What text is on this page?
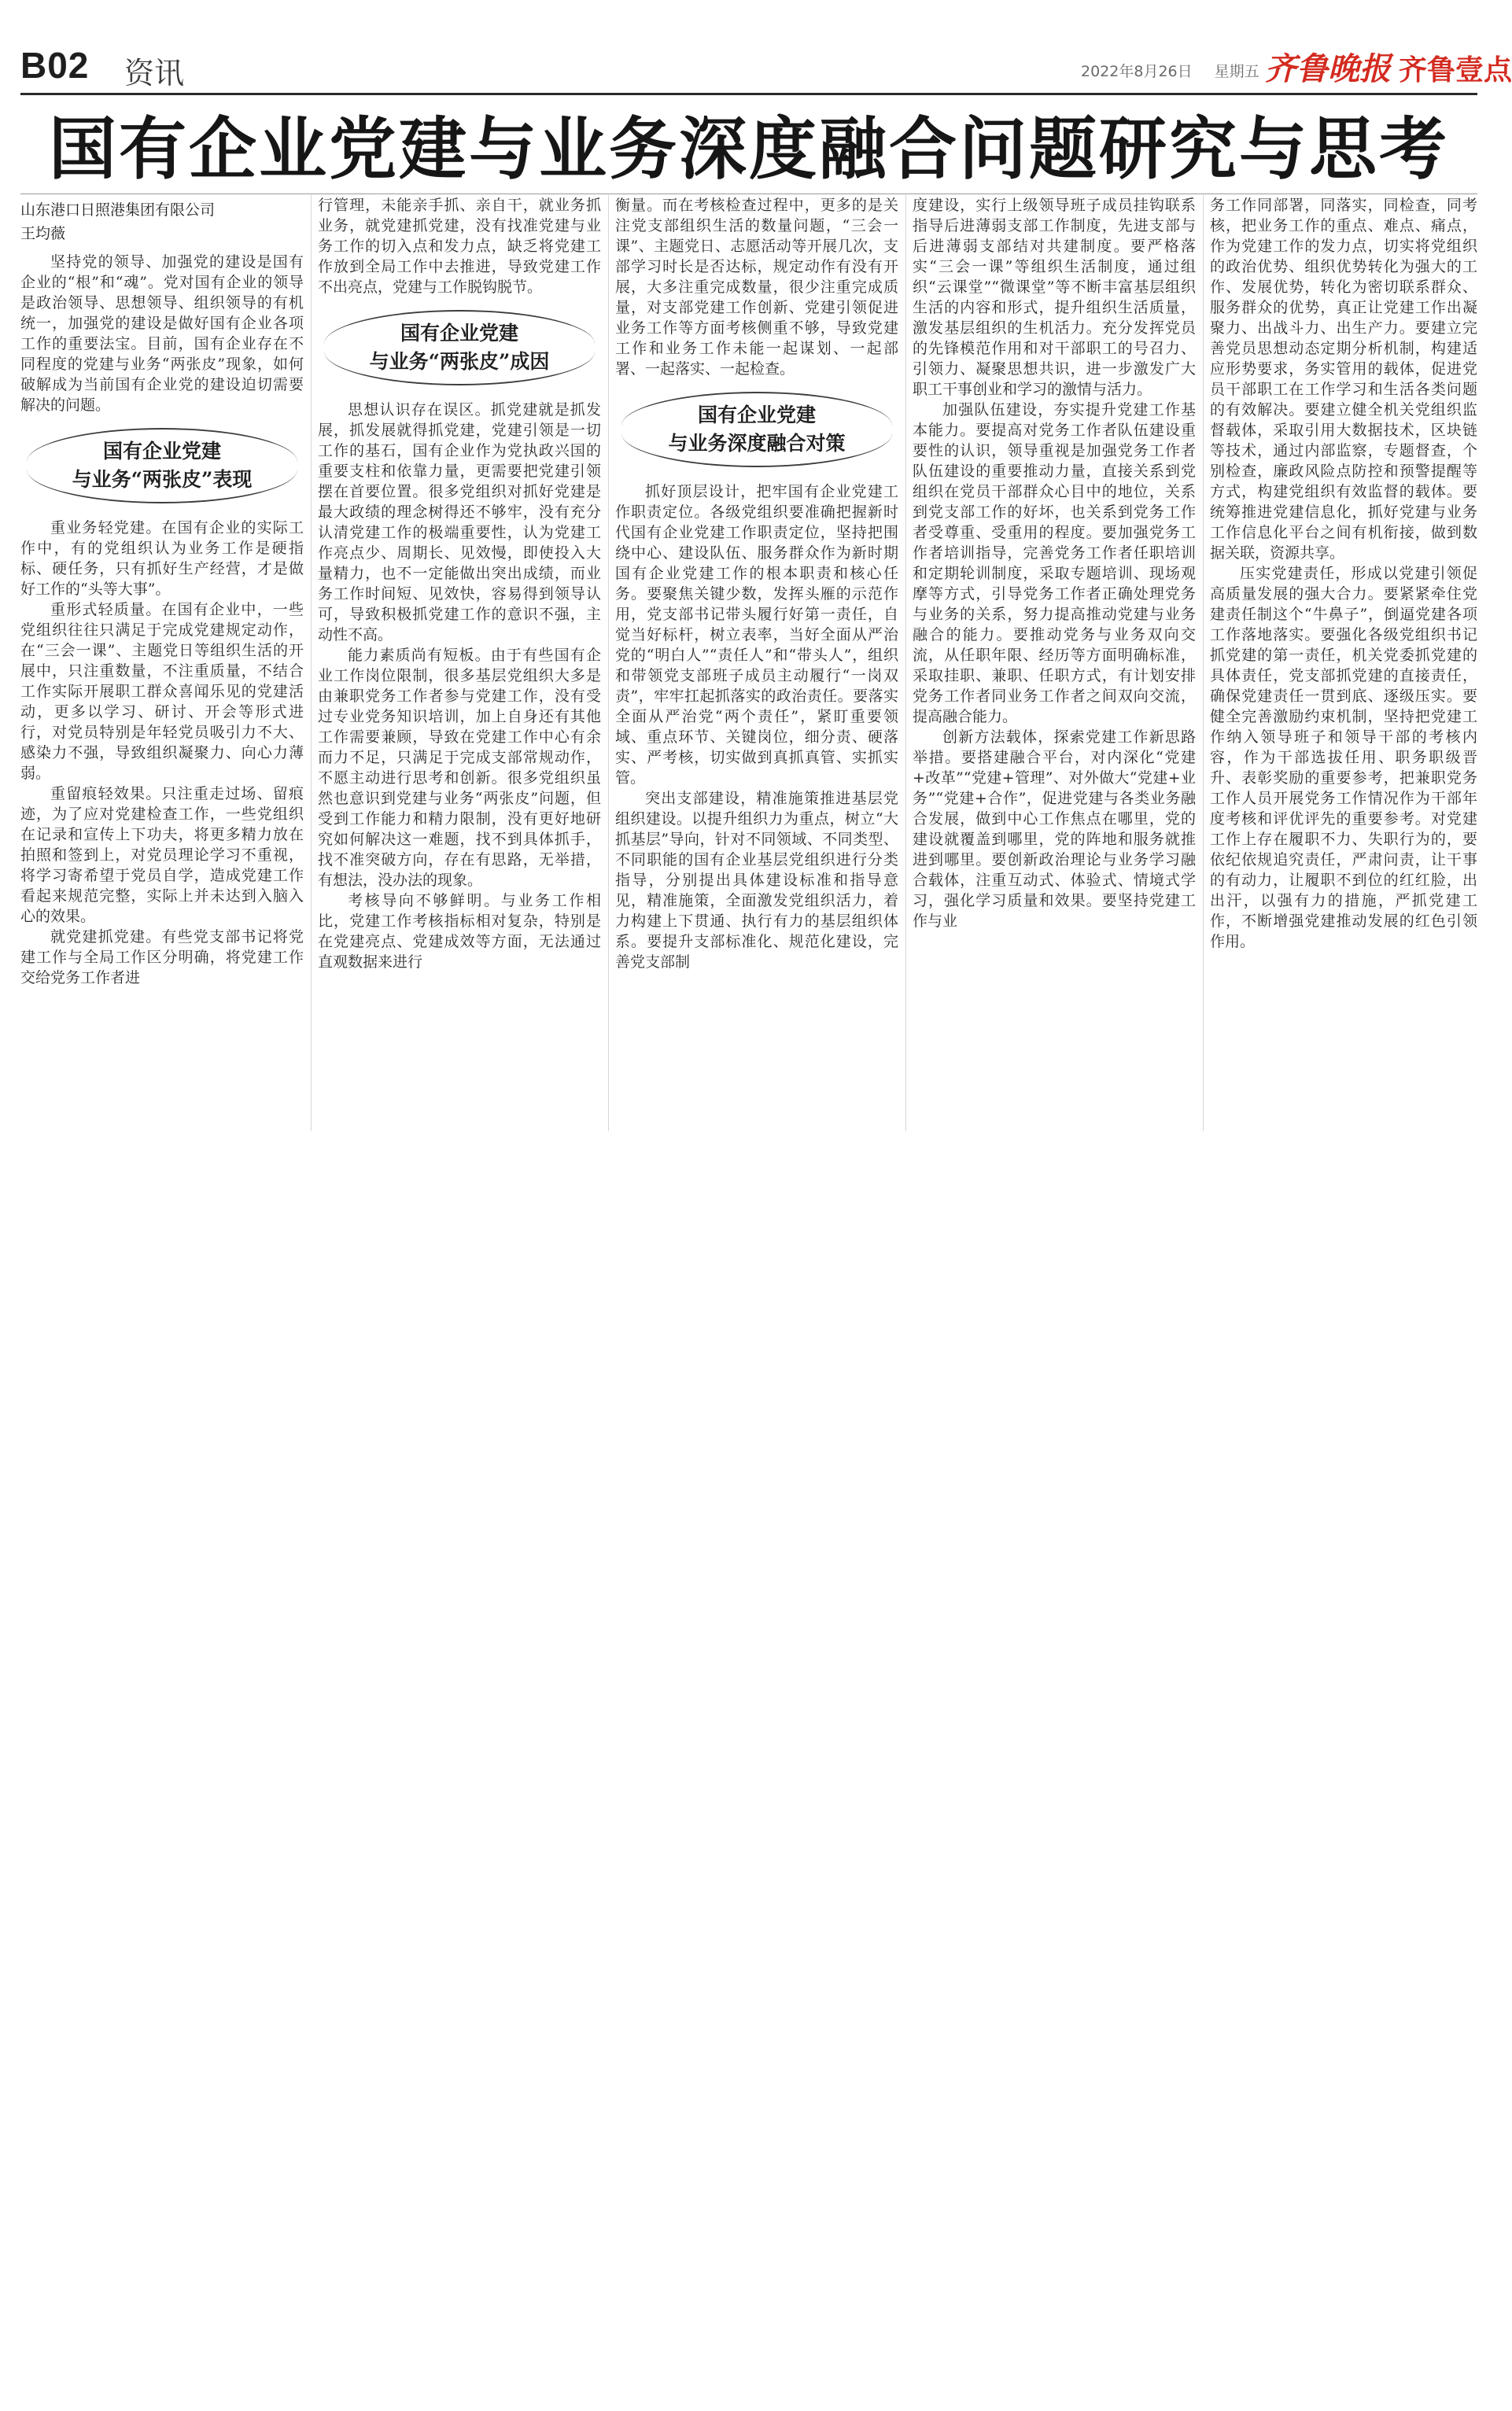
B02 资讯	2022年8月26日 星期五 齐鲁晚报 齐鲁壹点
国有企业党建与业务深度融合问题研究与思考
山东港口日照港集团有限公司
王均薇

坚持党的领导、加强党的建设是国有企业的“根”和“魂”。党对国有企业的领导是政治领导、思想领导、组织领导的有机统一，加强党的建设是做好国有企业各项工作的重要法宝。目前，国有企业存在不同程度的党建与业务“两张皮”现象，如何破解成为当前国有企业党的建设迫切需要解决的问题。

国有企业党建
与业务“两张皮”表现

重业务轻党建。在国有企业的实际工作中，有的党组织认为业务工作是硬指标、硬任务，只有抓好生产经营，才是做好工作的“头等大事”。

重形式轻质量。在国有企业中，一些党组织往往只满足于完成党建规定动作，在“三会一课”、主题党日等组织生活的开展中，只注重数量，不注重质量，不结合工作实际开展职工群众喜闻乐见的党建活动，更多以学习、研讨、开会等形式进行，对党员特别是年轻党员吸引力不大、感染力不强，导致组织凝聚力、向心力薄弱。

重留痕轻效果。只注重走过场、留痕迹，为了应对党建检查工作，一些党组织在记录和宣传上下功夫，将更多精力放在拍照和签到上，对党员理论学习不重视，将学习寄希望于党员自学，造成党建工作看起来规范完整，实际上并未达到入脑入心的效果。

就党建抓党建。有些党支部书记将党建工作与全局工作区分明确，将党建工作交给党务工作者进

行管理，未能亲手抓、亲自干，就业务抓业务，就党建抓党建，没有找准党建与业务工作的切入点和发力点，缺乏将党建工作放到全局工作中去推进，导致党建工作不出亮点，党建与工作脱钩脱节。

国有企业党建
与业务“两张皮”成因

思想认识存在误区。抓党建就是抓发展，抓发展就得抓党建，党建引领是一切工作的基石，国有企业作为党执政兴国的重要支柱和依靠力量，更需要把党建引领摆在首要位置。很多党组织对抓好党建是最大政绩的理念树得还不够牢，没有充分认清党建工作的极端重要性，认为党建工作亮点少、周期长、见效慢，即使投入大量精力，也不一定能做出突出成绩，而业务工作时间短、见效快，容易得到领导认可，导致积极抓党建工作的意识不强，主动性不高。

能力素质尚有短板。由于有些国有企业工作岗位限制，很多基层党组织大多是由兼职党务工作者参与党建工作，没有受过专业党务知识培训，加上自身还有其他工作需要兼顾，导致在党建工作中心有余而力不足，只满足于完成支部常规动作，不愿主动进行思考和创新。很多党组织虽然也意识到党建与业务“两张皮”问题，但受到工作能力和精力限制，没有更好地研究如何解决这一难题，找不到具体抓手，找不准突破方向，存在有思路，无举措，有想法，没办法的现象。

考核导向不够鲜明。与业务工作相比，党建工作考核指标相对复杂，特别是在党建亮点、党建成效等方面，无法通过直观数据来进行

衡量。而在考核检查过程中，更多的是关注党支部组织生活的数量问题，“三会一课”、主题党日、志愿活动等开展几次，支部学习时长是否达标，规定动作有没有开展，大多注重完成数量，很少注重完成质量，对支部党建工作创新、党建引领促进业务工作等方面考核侧重不够，导致党建工作和业务工作未能一起谋划、一起部署、一起落实、一起检查。

国有企业党建
与业务深度融合对策

抓好顶层设计，把牢国有企业党建工作职责定位。各级党组织要准确把握新时代国有企业党建工作职责定位，坚持把围绕中心、建设队伍、服务群众作为新时期国有企业党建工作的根本职责和核心任务。要聚焦关键少数，发挥头雁的示范作用，党支部书记带头履行好第一责任，自觉当好标杆，树立表率，当好全面从严治党的“明白人”“责任人”和“带头人”，组织和带领党支部班子成员主动履行“一岗双责”，牢牢扛起抓落实的政治责任。要落实全面从严治党“两个责任”，紧盯重要领域、重点环节、关键岗位，细分责、硬落实、严考核，切实做到真抓真管、实抓实管。

突出支部建设，精准施策推进基层党组织建设。以提升组织力为重点，树立“大抓基层”导向，针对不同领域、不同类型、不同职能的国有企业基层党组织进行分类指导，分别提出具体建设标准和指导意见，精准施策，全面激发党组织活力，着力构建上下贯通、执行有力的基层组织体系。要提升支部标准化、规范化建设，完善党支部制

度建设，实行上级领导班子成员挂钩联系指导后进薄弱支部工作制度，先进支部与后进薄弱支部结对共建制度。要严格落实“三会一课”等组织生活制度，通过组织“云课堂”“微课堂”等不断丰富基层组织生活的内容和形式，提升组织生活质量，激发基层组织的生机活力。充分发挥党员的先锋模范作用和对干部职工的号召力、引领力、凝聚思想共识，进一步激发广大职工干事创业和学习的激情与活力。

加强队伍建设，夯实提升党建工作基本能力。要提高对党务工作者队伍建设重要性的认识，领导重视是加强党务工作者队伍建设的重要推动力量，直接关系到党组织在党员干部群众心目中的地位，关系到党支部工作的好坏，也关系到党务工作者受尊重、受重用的程度。要加强党务工作者培训指导，完善党务工作者任职培训和定期轮训制度，采取专题培训、现场观摩等方式，引导党务工作者正确处理党务与业务的关系，努力提高推动党建与业务融合的能力。要推动党务与业务双向交流，从任职年限、经历等方面明确标准，采取挂职、兼职、任职方式，有计划安排党务工作者同业务工作者之间双向交流，提高融合能力。

创新方法载体，探索党建工作新思路举措。要搭建融合平台，对内深化“党建+改革”“党建+管理”、对外做大“党建+业务”“党建+合作”，促进党建与各类业务融合发展，做到中心工作焦点在哪里，党的建设就覆盖到哪里，党的阵地和服务就推进到哪里。要创新政治理论与业务学习融合载体，注重互动式、体验式、情境式学习，强化学习质量和效果。要坚持党建工作与业

务工作同部署，同落实，同检查，同考核，把业务工作的重点、难点、痛点，作为党建工作的发力点，切实将党组织的政治优势、组织优势转化为强大的工作、发展优势，转化为密切联系群众、服务群众的优势，真正让党建工作出凝聚力、出战斗力、出生产力。要建立完善党员思想动态定期分析机制，构建适应形势要求，务实管用的载体，促进党员干部职工在工作学习和生活各类问题的有效解决。要建立健全机关党组织监督载体，采取引用大数据技术，区块链等技术，通过内部监察，专题督查，个别检查，廉政风险点防控和预警提醒等方式，构建党组织有效监督的载体。要统筹推进党建信息化，抓好党建与业务工作信息化平台之间有机衔接，做到数据关联，资源共享。

压实党建责任，形成以党建引领促高质量发展的强大合力。要紧紧牵住党建责任制这个“牛鼻子”，倒逼党建各项工作落地落实。要强化各级党组织书记抓党建的第一责任，机关党委抓党建的具体责任，党支部抓党建的直接责任，确保党建责任一贯到底、逐级压实。要健全完善激励约束机制，坚持把党建工作纳入领导班子和领导干部的考核内容，作为干部选拔任用、职务职级晋升、表彰奖励的重要参考，把兼职党务工作人员开展党务工作情况作为干部年度考核和评优评先的重要参考。对党建工作上存在履职不力、失职行为的，要依纪依规追究责任，严肃问责，让干事的有动力，让履职不到位的红红脸，出出汗，以强有力的措施，严抓党建工作，不断增强党建推动发展的红色引领作用。
